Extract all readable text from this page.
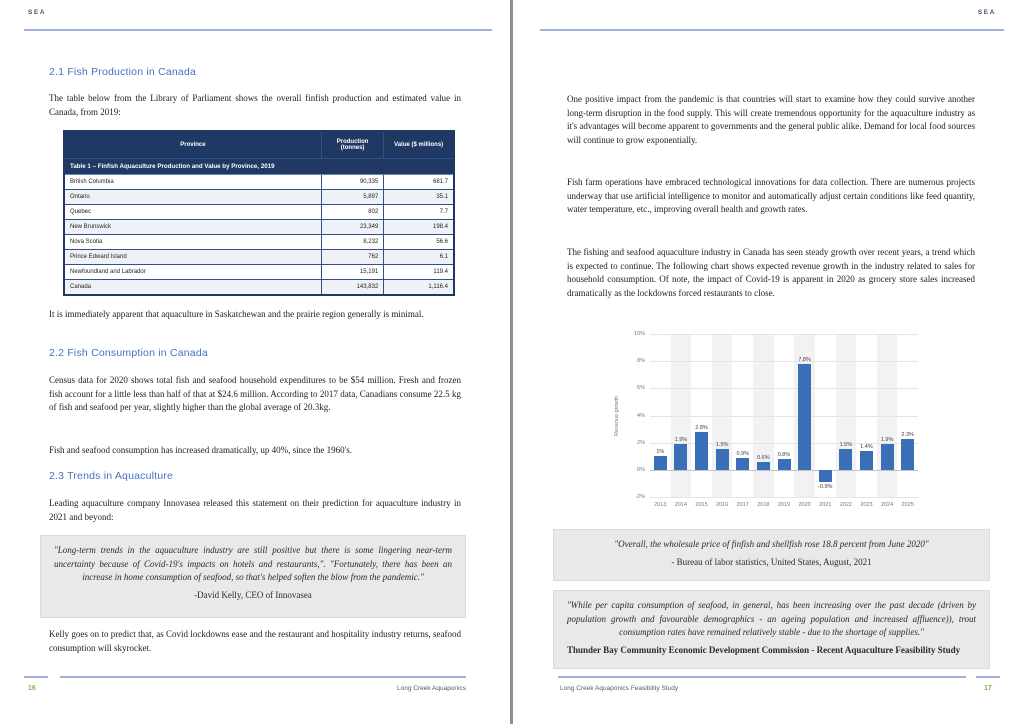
SEA
2.1 Fish Production in Canada
The table below from the Library of Parliament shows the overall finfish production and estimated value in Canada, from 2019:
Table 1 – Finfish Aquaculture Production and Value by Province, 2019		
Province	Production (tonnes)	Value ($ millions)
British Columbia	90,335	681.7
Ontario	5,897	35.1
Quebec	802	7.7
New Brunswick	23,349	198.4
Nova Scotia	8,232	56.6
Prince Edward Island	762	6.1
Newfoundland and Labrador	15,191	119.4
Canada	143,832	1,116.4
It is immediately apparent that aquaculture in Saskatchewan and the prairie region generally is minimal.
2.2 Fish Consumption in Canada
Census data for 2020 shows total fish and seafood household expenditures to be $54 million. Fresh and frozen fish account for a little less than half of that at $24.6 million. According to 2017 data, Canadians consume 22.5 kg of fish and seafood per year, slightly higher than the global average of 20.3kg.
Fish and seafood consumption has increased dramatically, up 40%, since the 1960's.
2.3 Trends in Aquaculture
Leading aquaculture company Innovasea released this statement on their prediction for aquaculture industry in 2021 and beyond:
"Long-term trends in the aquaculture industry are still positive but there is some lingering near-term uncertainty because of Covid-19's impacts on hotels and restaurants,". "Fortunately, there has been an increase in home consumption of seafood, so that's helped soften the blow from the pandemic."
-David Kelly, CEO of Innovasea
Kelly goes on to predict that, as Covid lockdowns ease and the restaurant and hospitality industry returns, seafood consumption will skyrocket.
16	Long Creek Aquaponics
SEA
One positive impact from the pandemic is that countries will start to examine how they could survive another long-term disruption in the food supply. This will create tremendous opportunity for the aquaculture industry as it's advantages will become apparent to governments and the general public alike. Demand for local food sources will continue to grow exponentially.
Fish farm operations have embraced technological innovations for data collection. There are numerous projects underway that use artificial intelligence to monitor and automatically adjust certain conditions like feed quantity, water temperature, etc., improving overall health and growth rates.
The fishing and seafood aquaculture industry in Canada has seen steady growth over recent years, a trend which is expected to continue. The following chart shows expected revenue growth in the industry related to sales for household consumption. Of note, the impact of Covid-19 is apparent in 2020 as grocery store sales increased dramatically as the lockdowns forced restaurants to close.
Revenue growth
10%
8%
6%
4%
2%
0%
-2%
1%
2013
1.9%
2014
2.8%
2015
1.5%
2016
0.9%
2017
0.6%
2018
0.8%
2019
7.8%
2020
-0.9%
2021
1.5%
2022
1.4%
2023
1.9%
2024
2.3%
2025
"Overall, the wholesale price of finfish and shellfish rose 18.8 percent from June 2020"
- Bureau of labor statistics, United States, August, 2021
"While per capita consumption of seafood, in general, has been increasing over the past decade (driven by population growth and favourable demographics - an ageing population and increased affluence)), trout consumption rates have remained relatively stable - due to the shortage of supplies."
Thunder Bay Community Economic Development Commission - Recent Aquaculture Feasibility Study
Long Creek Aquaponics Feasibility Study	17
